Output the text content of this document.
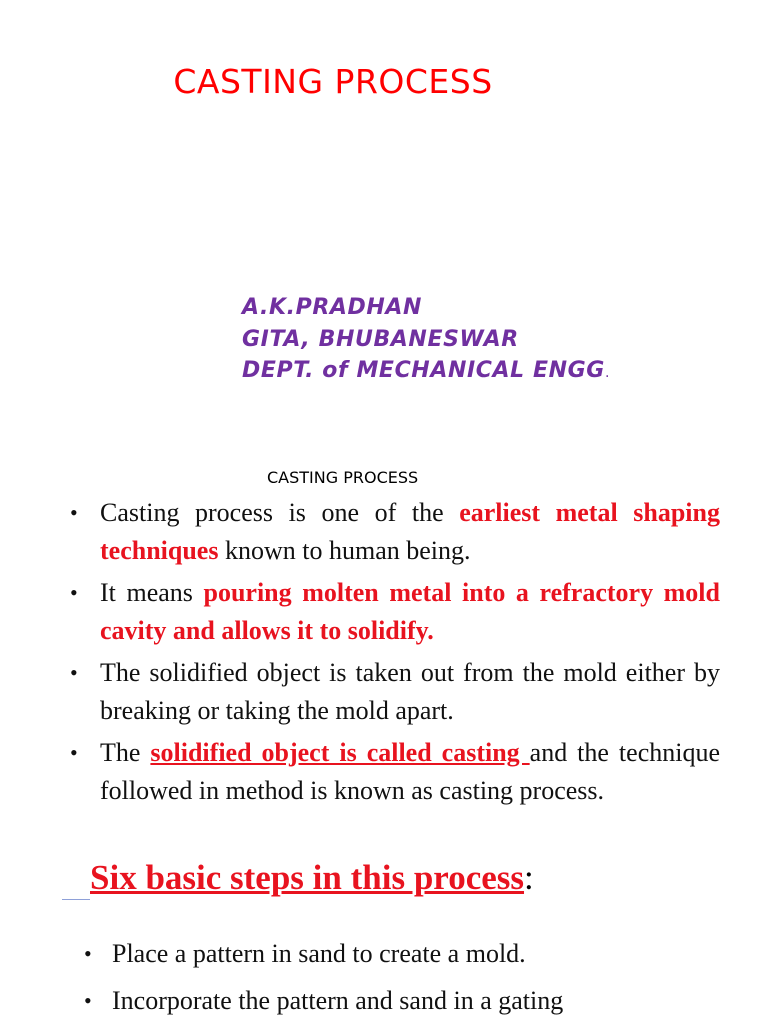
CASTING PROCESS
A.K.PRADHAN
GITA, BHUBANESWAR
DEPT. of MECHANICAL ENGG.
CASTING PROCESS
• Casting process is one of the earliest metal shaping techniques known to human being.
• It means pouring molten metal into a refractory mold cavity and allows it to solidify.
• The solidified object is taken out from the mold either by breaking or taking the mold apart.
• The solidified object is called casting and the technique followed in method is known as casting process.
Six basic steps in this process:
• Place a pattern in sand to create a mold.
• Incorporate the pattern and sand in a gating
